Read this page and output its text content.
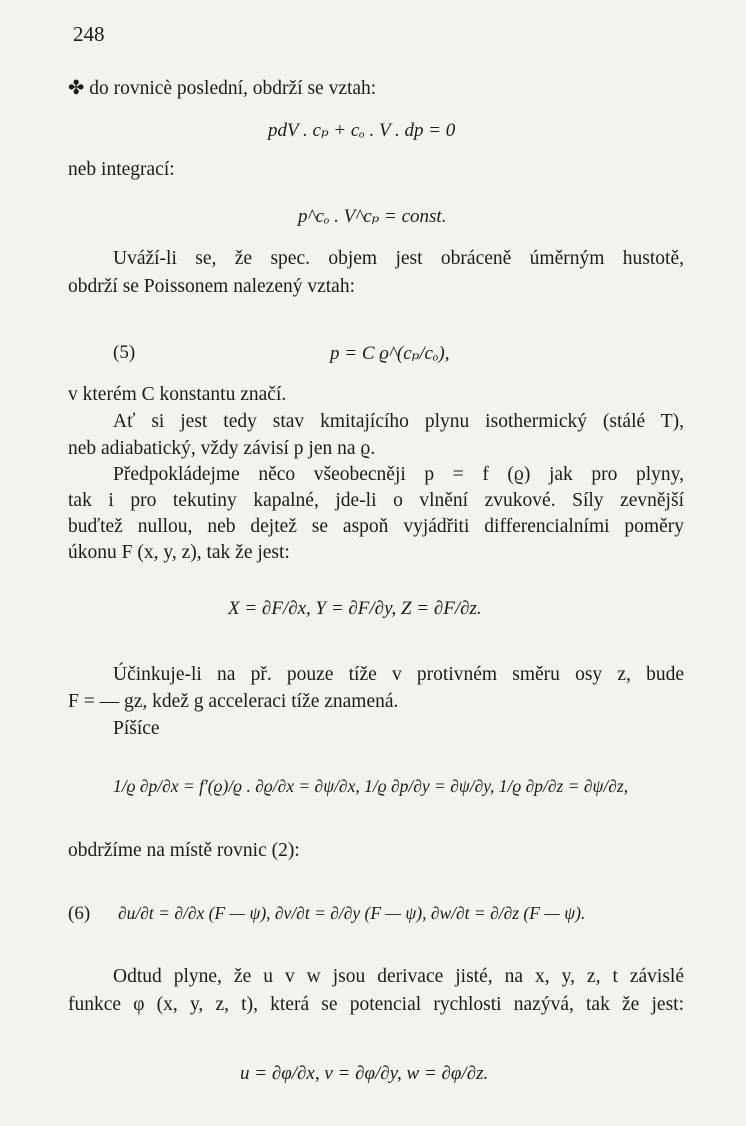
248
✤ do rovnicè poslední, obdrží se vztah:
pdV . cₚ + cₒ . V . dp = 0
neb integrací:
p^cₒ . V^cₚ = const.
Uváží-li se, že spec. objem jest obráceně úměrným hustotě,
obdrží se Poissonem nalezený vztah:
(5)	p = C ϱ^(cₚ/cₒ),
v kterém C konstantu značí.
Ať si jest tedy stav kmitajícího plynu isothermický (stálé T),
neb adiabatický, vždy závisí p jen na ϱ.
Předpokládejme něco všeobecněji p = f (ϱ) jak pro plyny,
tak i pro tekutiny kapalné, jde-li o vlnění zvukové. Síly zevnější
buďtež nullou, neb dejtež se aspoň vyjádřiti differencialními poměry
úkonu F (x, y, z), tak že jest:
X = ∂F/∂x, Y = ∂F/∂y, Z = ∂F/∂z.
Účinkuje-li na př. pouze tíže v protivném směru osy z, bude
F = — gz, kdež g acceleraci tíže znamená.
Píšíce
1/ϱ ∂p/∂x = f′(ϱ)/ϱ . ∂ϱ/∂x = ∂ψ/∂x, 1/ϱ ∂p/∂y = ∂ψ/∂y, 1/ϱ ∂p/∂z = ∂ψ/∂z,
obdržíme na místě rovnic (2):
(6) ∂u/∂t = ∂/∂x (F — ψ), ∂v/∂t = ∂/∂y (F — ψ), ∂w/∂t = ∂/∂z (F — ψ).
Odtud plyne, že u v w jsou derivace jisté, na x, y, z, t závislé
funkce φ (x, y, z, t), která se potencial rychlosti nazývá, tak že jest:
u = ∂φ/∂x, v = ∂φ/∂y, w = ∂φ/∂z.
